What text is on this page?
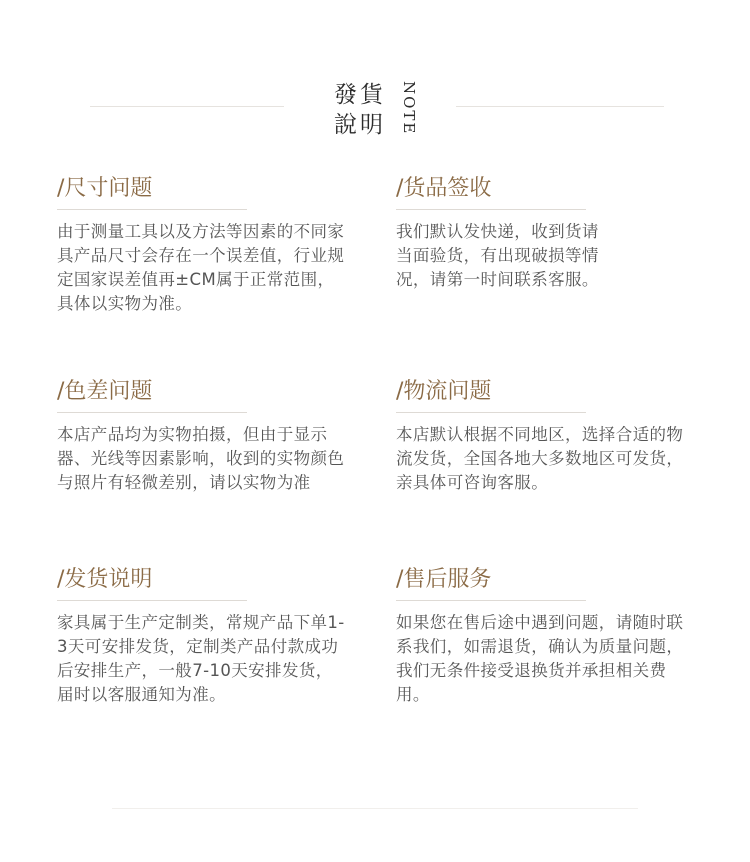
發貨
說明 NOTE
/尺寸问题

由于测量工具以及方法等因素的不同家具产品尺寸会存在一个误差值，行业规定国家误差值再±CM属于正常范围，具体以实物为准。

/货品签收

我们默认发快递，收到货请当面验货，有出现破损等情况，请第一时间联系客服。

/色差问题

本店产品均为实物拍摄，但由于显示器、光线等因素影响，收到的实物颜色与照片有轻微差别，请以实物为准

/物流问题

本店默认根据不同地区，选择合适的物流发货，全国各地大多数地区可发货，亲具体可咨询客服。

/发货说明

家具属于生产定制类，常规产品下单1-3天可安排发货，定制类产品付款成功后安排生产，一般7-10天安排发货，届时以客服通知为准。

/售后服务

如果您在售后途中遇到问题，请随时联系我们，如需退货，确认为质量问题，我们无条件接受退换货并承担相关费用。
